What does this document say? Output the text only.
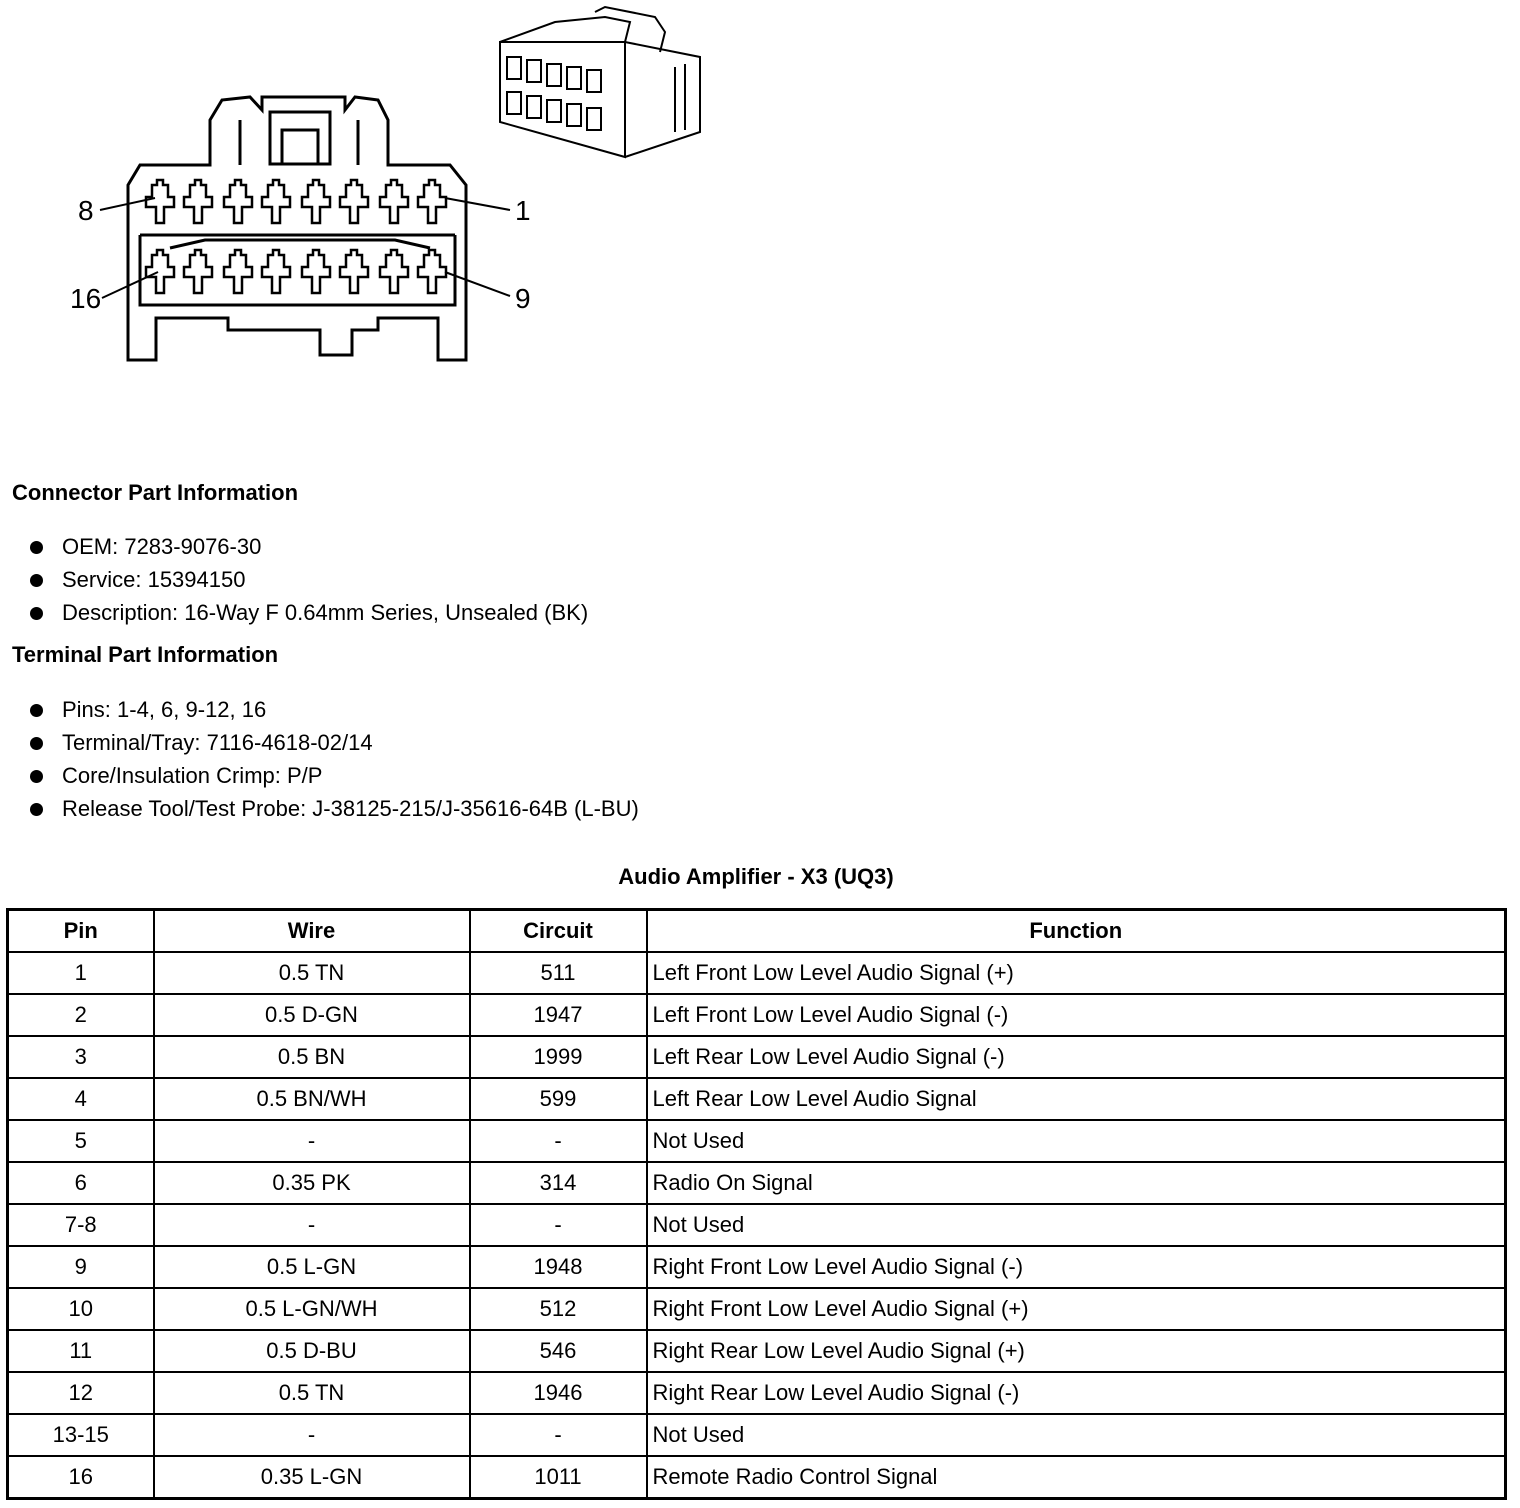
8	1
16	9
Connector Part Information
OEM: 7283-9076-30
Service: 15394150
Description: 16-Way F 0.64mm Series, Unsealed (BK)
Terminal Part Information
Pins: 1-4, 6, 9-12, 16
Terminal/Tray: 7116-4618-02/14
Core/Insulation Crimp: P/P
Release Tool/Test Probe: J-38125-215/J-35616-64B (L-BU)
Audio Amplifier - X3 (UQ3)
Pin	Wire	Circuit	Function
1	0.5 TN	511	Left Front Low Level Audio Signal (+)
2	0.5 D-GN	1947	Left Front Low Level Audio Signal (-)
3	0.5 BN	1999	Left Rear Low Level Audio Signal (-)
4	0.5 BN/WH	599	Left Rear Low Level Audio Signal
5	-	-	Not Used
6	0.35 PK	314	Radio On Signal
7-8	-	-	Not Used
9	0.5 L-GN	1948	Right Front Low Level Audio Signal (-)
10	0.5 L-GN/WH	512	Right Front Low Level Audio Signal (+)
11	0.5 D-BU	546	Right Rear Low Level Audio Signal (+)
12	0.5 TN	1946	Right Rear Low Level Audio Signal (-)
13-15	-	-	Not Used
16	0.35 L-GN	1011	Remote Radio Control Signal
